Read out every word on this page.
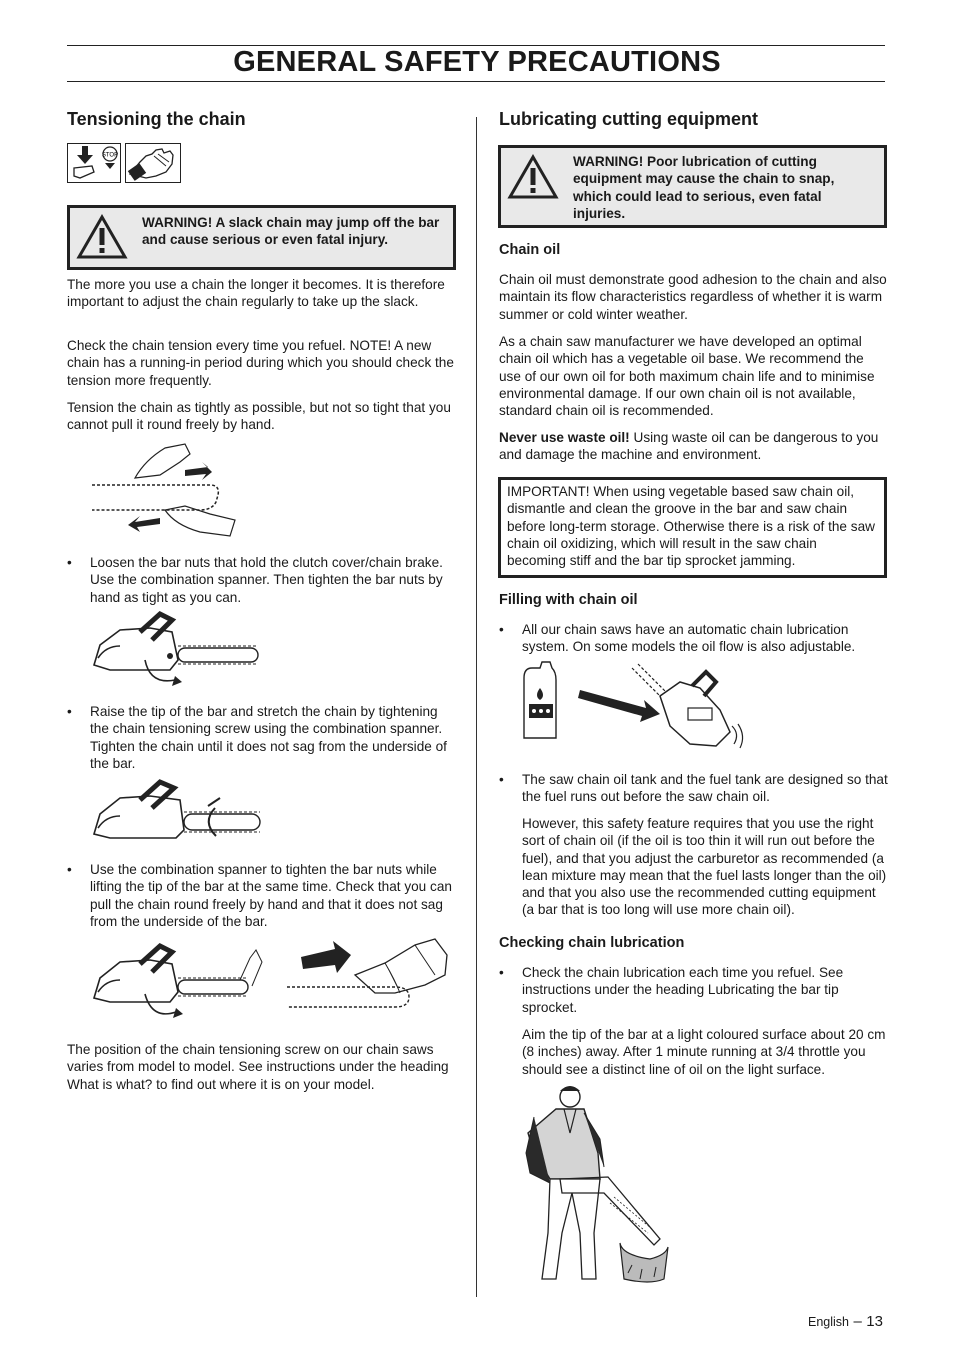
GENERAL SAFETY PRECAUTIONS
Tensioning the chain
STOP
WARNING! A slack chain may jump off the bar and cause serious or even fatal injury.

The more you use a chain the longer it becomes. It is therefore important to adjust the chain regularly to take up the slack.

Check the chain tension every time you refuel. NOTE! A new chain has a running-in period during which you should check the tension more frequently.

Tension the chain as tightly as possible, but not so tight that you cannot pull it round freely by hand.

• Loosen the bar nuts that hold the clutch cover/chain brake. Use the combination spanner. Then tighten the bar nuts by hand as tight as you can.

• Raise the tip of the bar and stretch the chain by tightening the chain tensioning screw using the combination spanner. Tighten the chain until it does not sag from the underside of the bar.

• Use the combination spanner to tighten the bar nuts while lifting the tip of the bar at the same time. Check that you can pull the chain round freely by hand and that it does not sag from the underside of the bar.

The position of the chain tensioning screw on our chain saws varies from model to model. See instructions under the heading What is what? to find out where it is on your model.

Lubricating cutting equipment
WARNING! Poor lubrication of cutting equipment may cause the chain to snap, which could lead to serious, even fatal injuries.
Chain oil

Chain oil must demonstrate good adhesion to the chain and also maintain its flow characteristics regardless of whether it is warm summer or cold winter weather.

As a chain saw manufacturer we have developed an optimal chain oil which has a vegetable oil base. We recommend the use of our own oil for both maximum chain life and to minimise environmental damage. If our own chain oil is not available, standard chain oil is recommended.

Never use waste oil! Using waste oil can be dangerous to you and damage the machine and environment.

IMPORTANT! When using vegetable based saw chain oil, dismantle and clean the groove in the bar and saw chain before long-term storage. Otherwise there is a risk of the saw chain oil oxidizing, which will result in the saw chain becoming stiff and the bar tip sprocket jamming.

Filling with chain oil
• All our chain saws have an automatic chain lubrication system. On some models the oil flow is also adjustable.

• The saw chain oil tank and the fuel tank are designed so that the fuel runs out before the saw chain oil.

However, this safety feature requires that you use the right sort of chain oil (if the oil is too thin it will run out before the fuel), and that you adjust the carburetor as recommended (a lean mixture may mean that the fuel lasts longer than the oil) and that you also use the recommended cutting equipment (a bar that is too long will use more chain oil).

Checking chain lubrication
• Check the chain lubrication each time you refuel. See instructions under the heading Lubricating the bar tip sprocket.

Aim the tip of the bar at a light coloured surface about 20 cm (8 inches) away. After 1 minute running at 3/4 throttle you should see a distinct line of oil on the light surface.

English – 13
